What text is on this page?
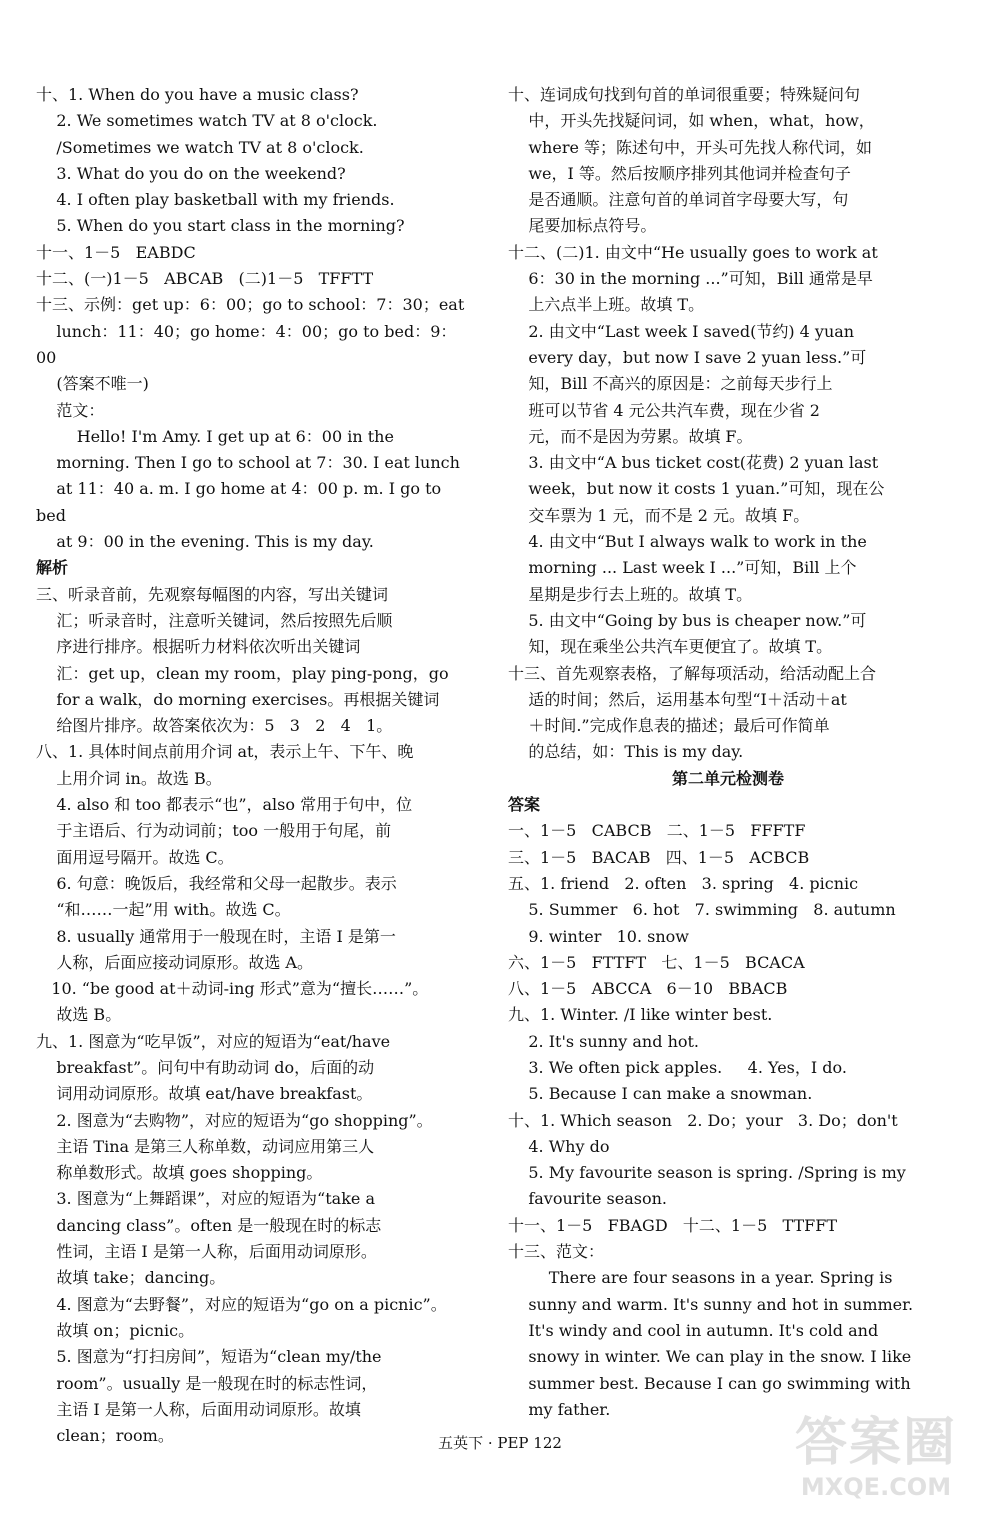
十、1. When do you have a music class?

2. We sometimes watch TV at 8 o'clock.

/Sometimes we watch TV at 8 o'clock.

3. What do you do on the weekend?

4. I often play basketball with my friends.

5. When do you start class in the morning?

十一、1－5   EABDC

十二、(一)1－5   ABCAB   (二)1－5   TFFTT

十三、示例：get up：6：00；go to school：7：30；eat

lunch：11：40；go home：4：00；go to bed：9：00

(答案不唯一)

范文：

Hello! I'm Amy. I get up at 6：00 in the

morning. Then I go to school at 7：30. I eat lunch

at 11：40 a. m. I go home at 4：00 p. m. I go to bed

at 9：00 in the evening. This is my day.

解析

三、听录音前，先观察每幅图的内容，写出关键词

汇；听录音时，注意听关键词，然后按照先后顺

序进行排序。根据听力材料依次听出关键词

汇：get up，clean my room，play ping-pong，go

for a walk，do morning exercises。再根据关键词

给图片排序。故答案依次为：5   3   2   4   1。

八、1. 具体时间点前用介词 at，表示上午、下午、晚

上用介词 in。故选 B。

4. also 和 too 都表示“也”，also 常用于句中，位

于主语后、行为动词前；too 一般用于句尾，前

面用逗号隔开。故选 C。

6. 句意：晚饭后，我经常和父母一起散步。表示

“和……一起”用 with。故选 C。

8. usually 通常用于一般现在时，主语 I 是第一

人称，后面应接动词原形。故选 A。

10. “be good at＋动词-ing 形式”意为“擅长……”。

故选 B。

九、1. 图意为“吃早饭”，对应的短语为“eat/have

breakfast”。问句中有助动词 do，后面的动

词用动词原形。故填 eat/have breakfast。

2. 图意为“去购物”，对应的短语为“go shopping”。

主语 Tina 是第三人称单数，动词应用第三人

称单数形式。故填 goes shopping。

3. 图意为“上舞蹈课”，对应的短语为“take a

dancing class”。often 是一般现在时的标志

性词，主语 I 是第一人称，后面用动词原形。

故填 take；dancing。

4. 图意为“去野餐”，对应的短语为“go on a picnic”。

故填 on；picnic。

5. 图意为“打扫房间”，短语为“clean my/the

room”。usually 是一般现在时的标志性词，

主语 I 是第一人称，后面用动词原形。故填

clean；room。

十、连词成句找到句首的单词很重要；特殊疑问句

中，开头先找疑问词，如 when，what，how，

where 等；陈述句中，开头可先找人称代词，如

we，I 等。然后按顺序排列其他词并检查句子

是否通顺。注意句首的单词首字母要大写，句

尾要加标点符号。

十二、(二)1. 由文中“He usually goes to work at

6：30 in the morning ...”可知，Bill 通常是早

上六点半上班。故填 T。

2. 由文中“Last week I saved(节约) 4 yuan

every day，but now I save 2 yuan less.”可

知，Bill 不高兴的原因是：之前每天步行上

班可以节省 4 元公共汽车费，现在少省 2

元，而不是因为劳累。故填 F。

3. 由文中“A bus ticket cost(花费) 2 yuan last

week，but now it costs 1 yuan.”可知，现在公

交车票为 1 元，而不是 2 元。故填 F。

4. 由文中“But I always walk to work in the

morning ... Last week I ...”可知，Bill 上个

星期是步行去上班的。故填 T。

5. 由文中“Going by bus is cheaper now.”可

知，现在乘坐公共汽车更便宜了。故填 T。

十三、首先观察表格，了解每项活动，给活动配上合

适的时间；然后，运用基本句型“I＋活动＋at

＋时间.”完成作息表的描述；最后可作简单

的总结，如：This is my day.

第二单元检测卷

答案

一、1－5   CABCB   二、1－5   FFFTF

三、1－5   BACAB   四、1－5   ACBCB

五、1. friend   2. often   3. spring   4. picnic

5. Summer   6. hot   7. swimming   8. autumn

9. winter   10. snow

六、1－5   FTTFT   七、1－5   BCACA

八、1－5   ABCCA   6－10   BBACB

九、1. Winter. /I like winter best.

2. It's sunny and hot.

3. We often pick apples.     4. Yes，I do.

5. Because I can make a snowman.

十、1. Which season   2. Do；your   3. Do；don't

4. Why do

5. My favourite season is spring. /Spring is my

favourite season.

十一、1－5   FBAGD   十二、1－5   TTFFT

十三、范文：

There are four seasons in a year. Spring is

sunny and warm. It's sunny and hot in summer.

It's windy and cool in autumn. It's cold and

snowy in winter. We can play in the snow. I like

summer best. Because I can go swimming with

my father.

五英下 · PEP 122	答案圈
MXQE.COM
